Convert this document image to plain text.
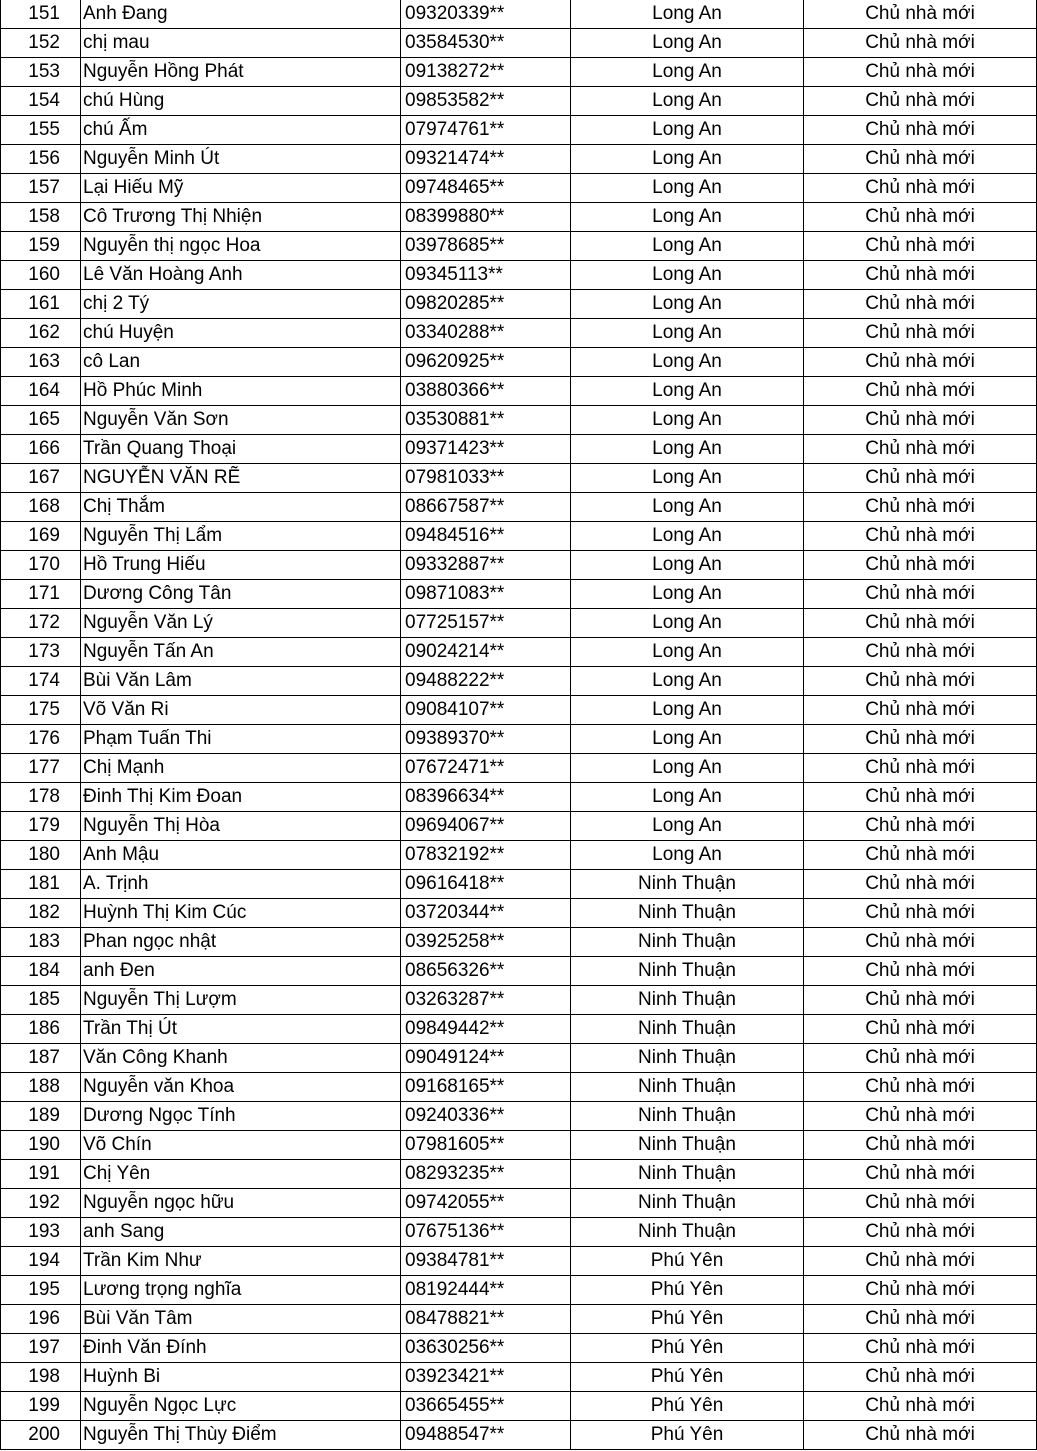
151	Anh Đang	09320339**	Long An	Chủ nhà mới
152	chị mau	03584530**	Long An	Chủ nhà mới
153	Nguyễn Hồng Phát	09138272**	Long An	Chủ nhà mới
154	chú Hùng	09853582**	Long An	Chủ nhà mới
155	chú Ấm	07974761**	Long An	Chủ nhà mới
156	Nguyễn Minh Út	09321474**	Long An	Chủ nhà mới
157	Lại Hiếu Mỹ	09748465**	Long An	Chủ nhà mới
158	Cô Trương Thị Nhiện	08399880**	Long An	Chủ nhà mới
159	Nguyễn thị ngọc Hoa	03978685**	Long An	Chủ nhà mới
160	Lê Văn Hoàng Anh	09345113**	Long An	Chủ nhà mới
161	chị 2 Tý	09820285**	Long An	Chủ nhà mới
162	chú Huyện	03340288**	Long An	Chủ nhà mới
163	cô Lan	09620925**	Long An	Chủ nhà mới
164	Hồ Phúc Minh	03880366**	Long An	Chủ nhà mới
165	Nguyễn Văn Sơn	03530881**	Long An	Chủ nhà mới
166	Trần Quang Thoại	09371423**	Long An	Chủ nhà mới
167	NGUYỄN VĂN RẼ	07981033**	Long An	Chủ nhà mới
168	Chị Thắm	08667587**	Long An	Chủ nhà mới
169	Nguyễn Thị Lẩm	09484516**	Long An	Chủ nhà mới
170	Hồ Trung Hiếu	09332887**	Long An	Chủ nhà mới
171	Dương Công Tân	09871083**	Long An	Chủ nhà mới
172	Nguyễn Văn Lý	07725157**	Long An	Chủ nhà mới
173	Nguyễn Tấn An	09024214**	Long An	Chủ nhà mới
174	Bùi Văn Lâm	09488222**	Long An	Chủ nhà mới
175	Võ Văn Ri	09084107**	Long An	Chủ nhà mới
176	Phạm Tuấn Thi	09389370**	Long An	Chủ nhà mới
177	Chị Mạnh	07672471**	Long An	Chủ nhà mới
178	Đinh Thị Kim Đoan	08396634**	Long An	Chủ nhà mới
179	Nguyễn Thị Hòa	09694067**	Long An	Chủ nhà mới
180	Anh Mậu	07832192**	Long An	Chủ nhà mới
181	A. Trịnh	09616418**	Ninh Thuận	Chủ nhà mới
182	Huỳnh Thị Kim Cúc	03720344**	Ninh Thuận	Chủ nhà mới
183	Phan ngọc nhật	03925258**	Ninh Thuận	Chủ nhà mới
184	anh Đen	08656326**	Ninh Thuận	Chủ nhà mới
185	Nguyễn Thị Lượm	03263287**	Ninh Thuận	Chủ nhà mới
186	Trần Thị Út	09849442**	Ninh Thuận	Chủ nhà mới
187	Văn Công Khanh	09049124**	Ninh Thuận	Chủ nhà mới
188	Nguyễn văn Khoa	09168165**	Ninh Thuận	Chủ nhà mới
189	Dương Ngọc Tính	09240336**	Ninh Thuận	Chủ nhà mới
190	Võ Chín	07981605**	Ninh Thuận	Chủ nhà mới
191	Chị Yên	08293235**	Ninh Thuận	Chủ nhà mới
192	Nguyễn ngọc hữu	09742055**	Ninh Thuận	Chủ nhà mới
193	anh Sang	07675136**	Ninh Thuận	Chủ nhà mới
194	Trần Kim Như	09384781**	Phú Yên	Chủ nhà mới
195	Lương trọng nghĩa	08192444**	Phú Yên	Chủ nhà mới
196	Bùi Văn Tâm	08478821**	Phú Yên	Chủ nhà mới
197	Đinh Văn Đính	03630256**	Phú Yên	Chủ nhà mới
198	Huỳnh Bi	03923421**	Phú Yên	Chủ nhà mới
199	Nguyễn Ngọc Lực	03665455**	Phú Yên	Chủ nhà mới
200	Nguyễn Thị Thùy Điểm	09488547**	Phú Yên	Chủ nhà mới
